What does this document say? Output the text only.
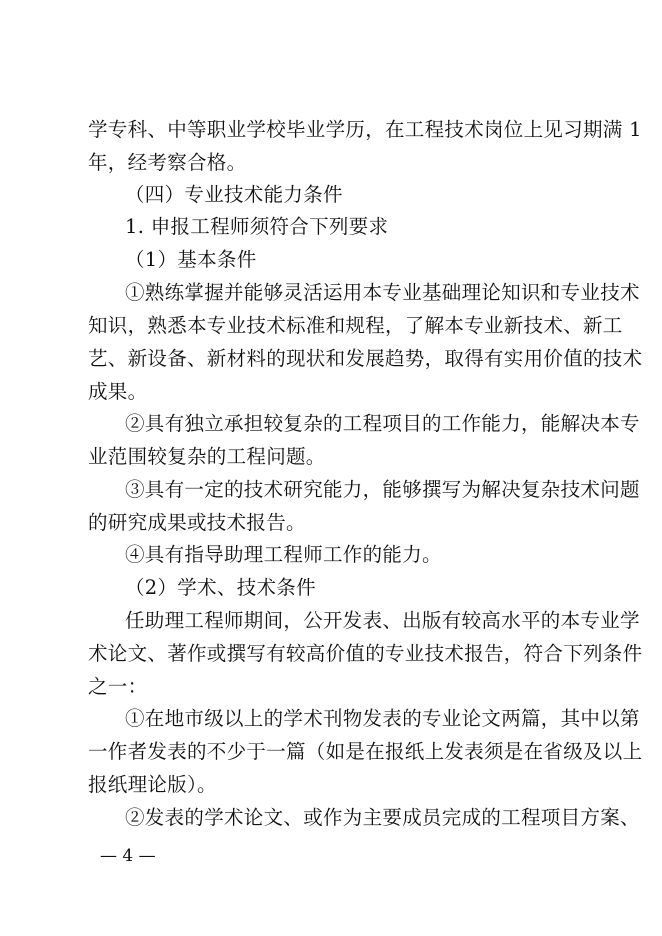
学专科、中等职业学校毕业学历，在工程技术岗位上见习期满 1
年，经考察合格。
（四）专业技术能力条件
1. 申报工程师须符合下列要求
（1）基本条件
①熟练掌握并能够灵活运用本专业基础理论知识和专业技术
知识，熟悉本专业技术标准和规程，了解本专业新技术、新工
艺、新设备、新材料的现状和发展趋势，取得有实用价值的技术
成果。
②具有独立承担较复杂的工程项目的工作能力，能解决本专
业范围较复杂的工程问题。
③具有一定的技术研究能力，能够撰写为解决复杂技术问题
的研究成果或技术报告。
④具有指导助理工程师工作的能力。
（2）学术、技术条件
任助理工程师期间，公开发表、出版有较高水平的本专业学
术论文、著作或撰写有较高价值的专业技术报告，符合下列条件
之一：
①在地市级以上的学术刊物发表的专业论文两篇，其中以第
一作者发表的不少于一篇（如是在报纸上发表须是在省级及以上
报纸理论版）。
②发表的学术论文、或作为主要成员完成的工程项目方案、
— 4 —
